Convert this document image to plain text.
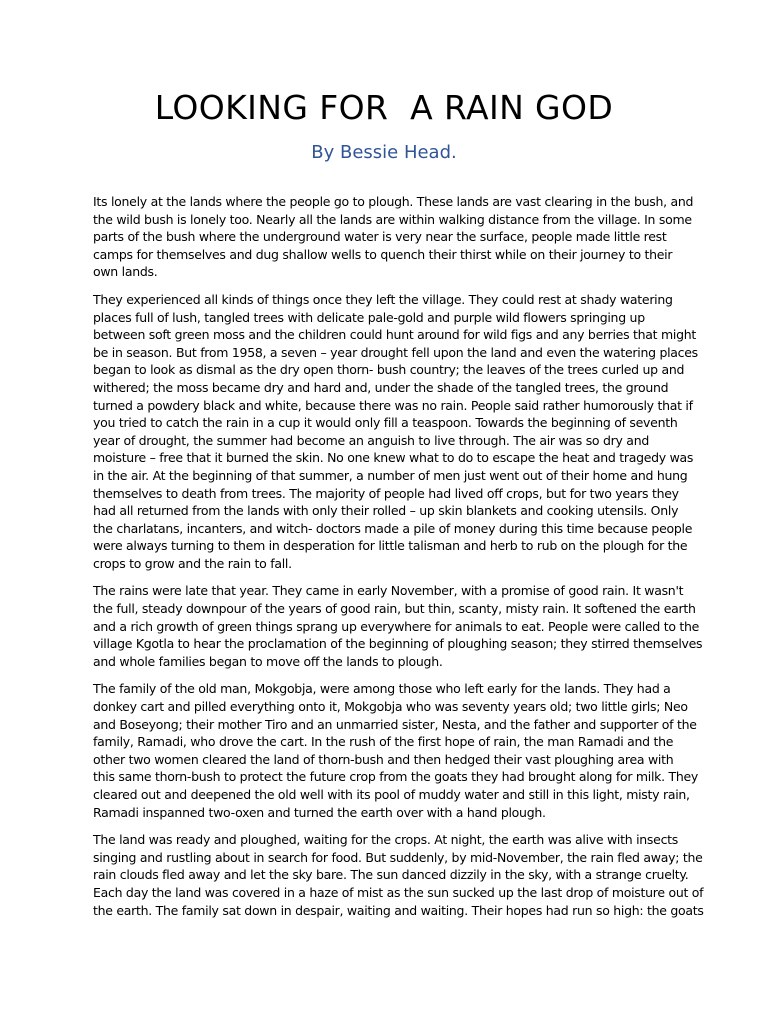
LOOKING FOR  A RAIN GOD
By Bessie Head.

Its lonely at the lands where the people go to plough. These lands are vast clearing in the bush, and
the wild bush is lonely too. Nearly all the lands are within walking distance from the village. In some
parts of the bush where the underground water is very near the surface, people made little rest
camps for themselves and dug shallow wells to quench their thirst while on their journey to their
own lands.

They experienced all kinds of things once they left the village. They could rest at shady watering
places full of lush, tangled trees with delicate pale-gold and purple wild flowers springing up
between soft green moss and the children could hunt around for wild figs and any berries that might
be in season. But from 1958, a seven – year drought fell upon the land and even the watering places
began to look as dismal as the dry open thorn- bush country; the leaves of the trees curled up and
withered; the moss became dry and hard and, under the shade of the tangled trees, the ground
turned a powdery black and white, because there was no rain. People said rather humorously that if
you tried to catch the rain in a cup it would only fill a teaspoon. Towards the beginning of seventh
year of drought, the summer had become an anguish to live through. The air was so dry and
moisture – free that it burned the skin. No one knew what to do to escape the heat and tragedy was
in the air. At the beginning of that summer, a number of men just went out of their home and hung
themselves to death from trees. The majority of people had lived off crops, but for two years they
had all returned from the lands with only their rolled – up skin blankets and cooking utensils. Only
the charlatans, incanters, and witch- doctors made a pile of money during this time because people
were always turning to them in desperation for little talisman and herb to rub on the plough for the
crops to grow and the rain to fall.

The rains were late that year. They came in early November, with a promise of good rain. It wasn't
the full, steady downpour of the years of good rain, but thin, scanty, misty rain. It softened the earth
and a rich growth of green things sprang up everywhere for animals to eat. People were called to the
village Kgotla to hear the proclamation of the beginning of ploughing season; they stirred themselves
and whole families began to move off the lands to plough.

The family of the old man, Mokgobja, were among those who left early for the lands. They had a
donkey cart and pilled everything onto it, Mokgobja who was seventy years old; two little girls; Neo
and Boseyong; their mother Tiro and an unmarried sister, Nesta, and the father and supporter of the
family, Ramadi, who drove the cart. In the rush of the first hope of rain, the man Ramadi and the
other two women cleared the land of thorn-bush and then hedged their vast ploughing area with
this same thorn-bush to protect the future crop from the goats they had brought along for milk. They
cleared out and deepened the old well with its pool of muddy water and still in this light, misty rain,
Ramadi inspanned two-oxen and turned the earth over with a hand plough.

The land was ready and ploughed, waiting for the crops. At night, the earth was alive with insects
singing and rustling about in search for food. But suddenly, by mid-November, the rain fled away; the
rain clouds fled away and let the sky bare. The sun danced dizzily in the sky, with a strange cruelty.
Each day the land was covered in a haze of mist as the sun sucked up the last drop of moisture out of
the earth. The family sat down in despair, waiting and waiting. Their hopes had run so high: the goats
